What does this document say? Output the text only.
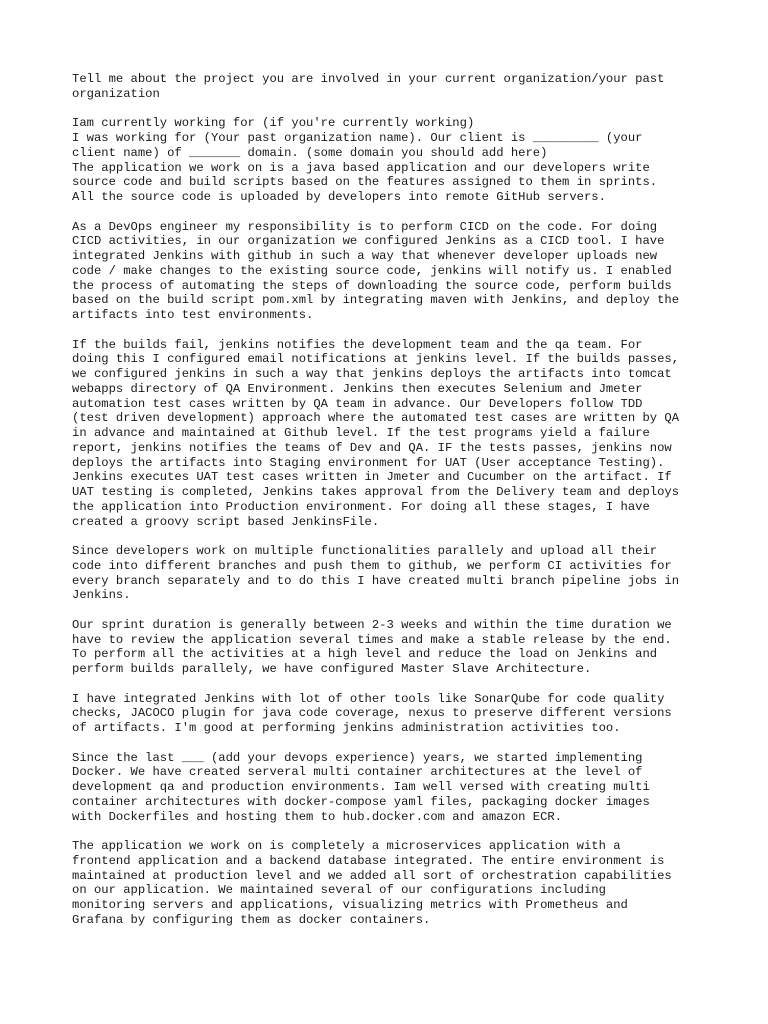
Tell me about the project you are involved in your current organization/your past
organization
Iam currently working for (if you're currently working)
I was working for (Your past organization name). Our client is _________ (your
client name) of _______ domain. (some domain you should add here)
The application we work on is a java based application and our developers write
source code and build scripts based on the features assigned to them in sprints.
All the source code is uploaded by developers into remote GitHub servers.
As a DevOps engineer my responsibility is to perform CICD on the code. For doing
CICD activities, in our organization we configured Jenkins as a CICD tool. I have
integrated Jenkins with github in such a way that whenever developer uploads new
code / make changes to the existing source code, jenkins will notify us. I enabled
the process of automating the steps of downloading the source code, perform builds
based on the build script pom.xml by integrating maven with Jenkins, and deploy the
artifacts into test environments.
If the builds fail, jenkins notifies the development team and the qa team. For
doing this I configured email notifications at jenkins level. If the builds passes,
we configured jenkins in such a way that jenkins deploys the artifacts into tomcat
webapps directory of QA Environment. Jenkins then executes Selenium and Jmeter
automation test cases written by QA team in advance. Our Developers follow TDD
(test driven development) approach where the automated test cases are written by QA
in advance and maintained at Github level. If the test programs yield a failure
report, jenkins notifies the teams of Dev and QA. IF the tests passes, jenkins now
deploys the artifacts into Staging environment for UAT (User acceptance Testing).
Jenkins executes UAT test cases written in Jmeter and Cucumber on the artifact. If
UAT testing is completed, Jenkins takes approval from the Delivery team and deploys
the application into Production environment. For doing all these stages, I have
created a groovy script based JenkinsFile.
Since developers work on multiple functionalities parallely and upload all their
code into different branches and push them to github, we perform CI activities for
every branch separately and to do this I have created multi branch pipeline jobs in
Jenkins.
Our sprint duration is generally between 2-3 weeks and within the time duration we
have to review the application several times and make a stable release by the end.
To perform all the activities at a high level and reduce the load on Jenkins and
perform builds parallely, we have configured Master Slave Architecture.
I have integrated Jenkins with lot of other tools like SonarQube for code quality
checks, JACOCO plugin for java code coverage, nexus to preserve different versions
of artifacts. I'm good at performing jenkins administration activities too.
Since the last ___ (add your devops experience) years, we started implementing
Docker. We have created serveral multi container architectures at the level of
development qa and production environments. Iam well versed with creating multi
container architectures with docker-compose yaml files, packaging docker images
with Dockerfiles and hosting them to hub.docker.com and amazon ECR.
The application we work on is completely a microservices application with a
frontend application and a backend database integrated. The entire environment is
maintained at production level and we added all sort of orchestration capabilities
on our application. We maintained several of our configurations including
monitoring servers and applications, visualizing metrics with Prometheus and
Grafana by configuring them as docker containers.
